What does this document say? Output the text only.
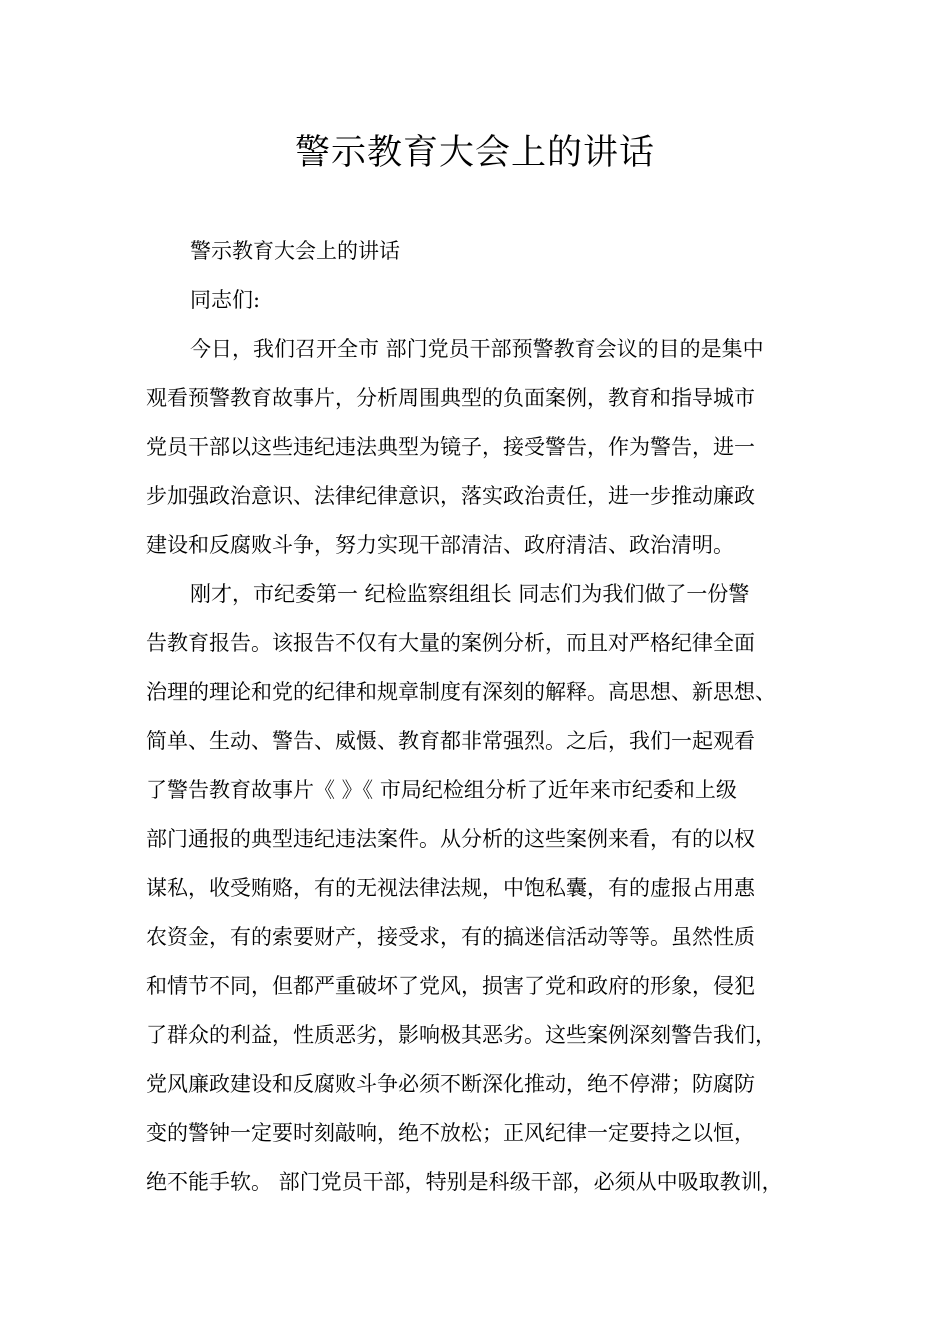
警示教育大会上的讲话

警示教育大会上的讲话

同志们:

今日，我们召开全市 部门党员干部预警教育会议的目的是集中

观看预警教育故事片，分析周围典型的负面案例，教育和指导城市

党员干部以这些违纪违法典型为镜子，接受警告，作为警告，进一

步加强政治意识、法律纪律意识，落实政治责任，进一步推动廉政

建设和反腐败斗争，努力实现干部清洁、政府清洁、政治清明。

刚才，市纪委第一 纪检监察组组长 同志们为我们做了一份警

告教育报告。该报告不仅有大量的案例分析，而且对严格纪律全面

治理的理论和党的纪律和规章制度有深刻的解释。高思想、新思想、

简单、生动、警告、威慑、教育都非常强烈。之后，我们一起观看

了警告教育故事片《 》《 市局纪检组分析了近年来市纪委和上级

部门通报的典型违纪违法案件。从分析的这些案例来看，有的以权

谋私，收受贿赂，有的无视法律法规，中饱私囊，有的虚报占用惠

农资金，有的索要财产，接受求，有的搞迷信活动等等。虽然性质

和情节不同，但都严重破坏了党风，损害了党和政府的形象，侵犯

了群众的利益，性质恶劣，影响极其恶劣。这些案例深刻警告我们，

党风廉政建设和反腐败斗争必须不断深化推动，绝不停滞；防腐防

变的警钟一定要时刻敲响，绝不放松；正风纪律一定要持之以恒，

绝不能手软。 部门党员干部，特别是科级干部，必须从中吸取教训，
